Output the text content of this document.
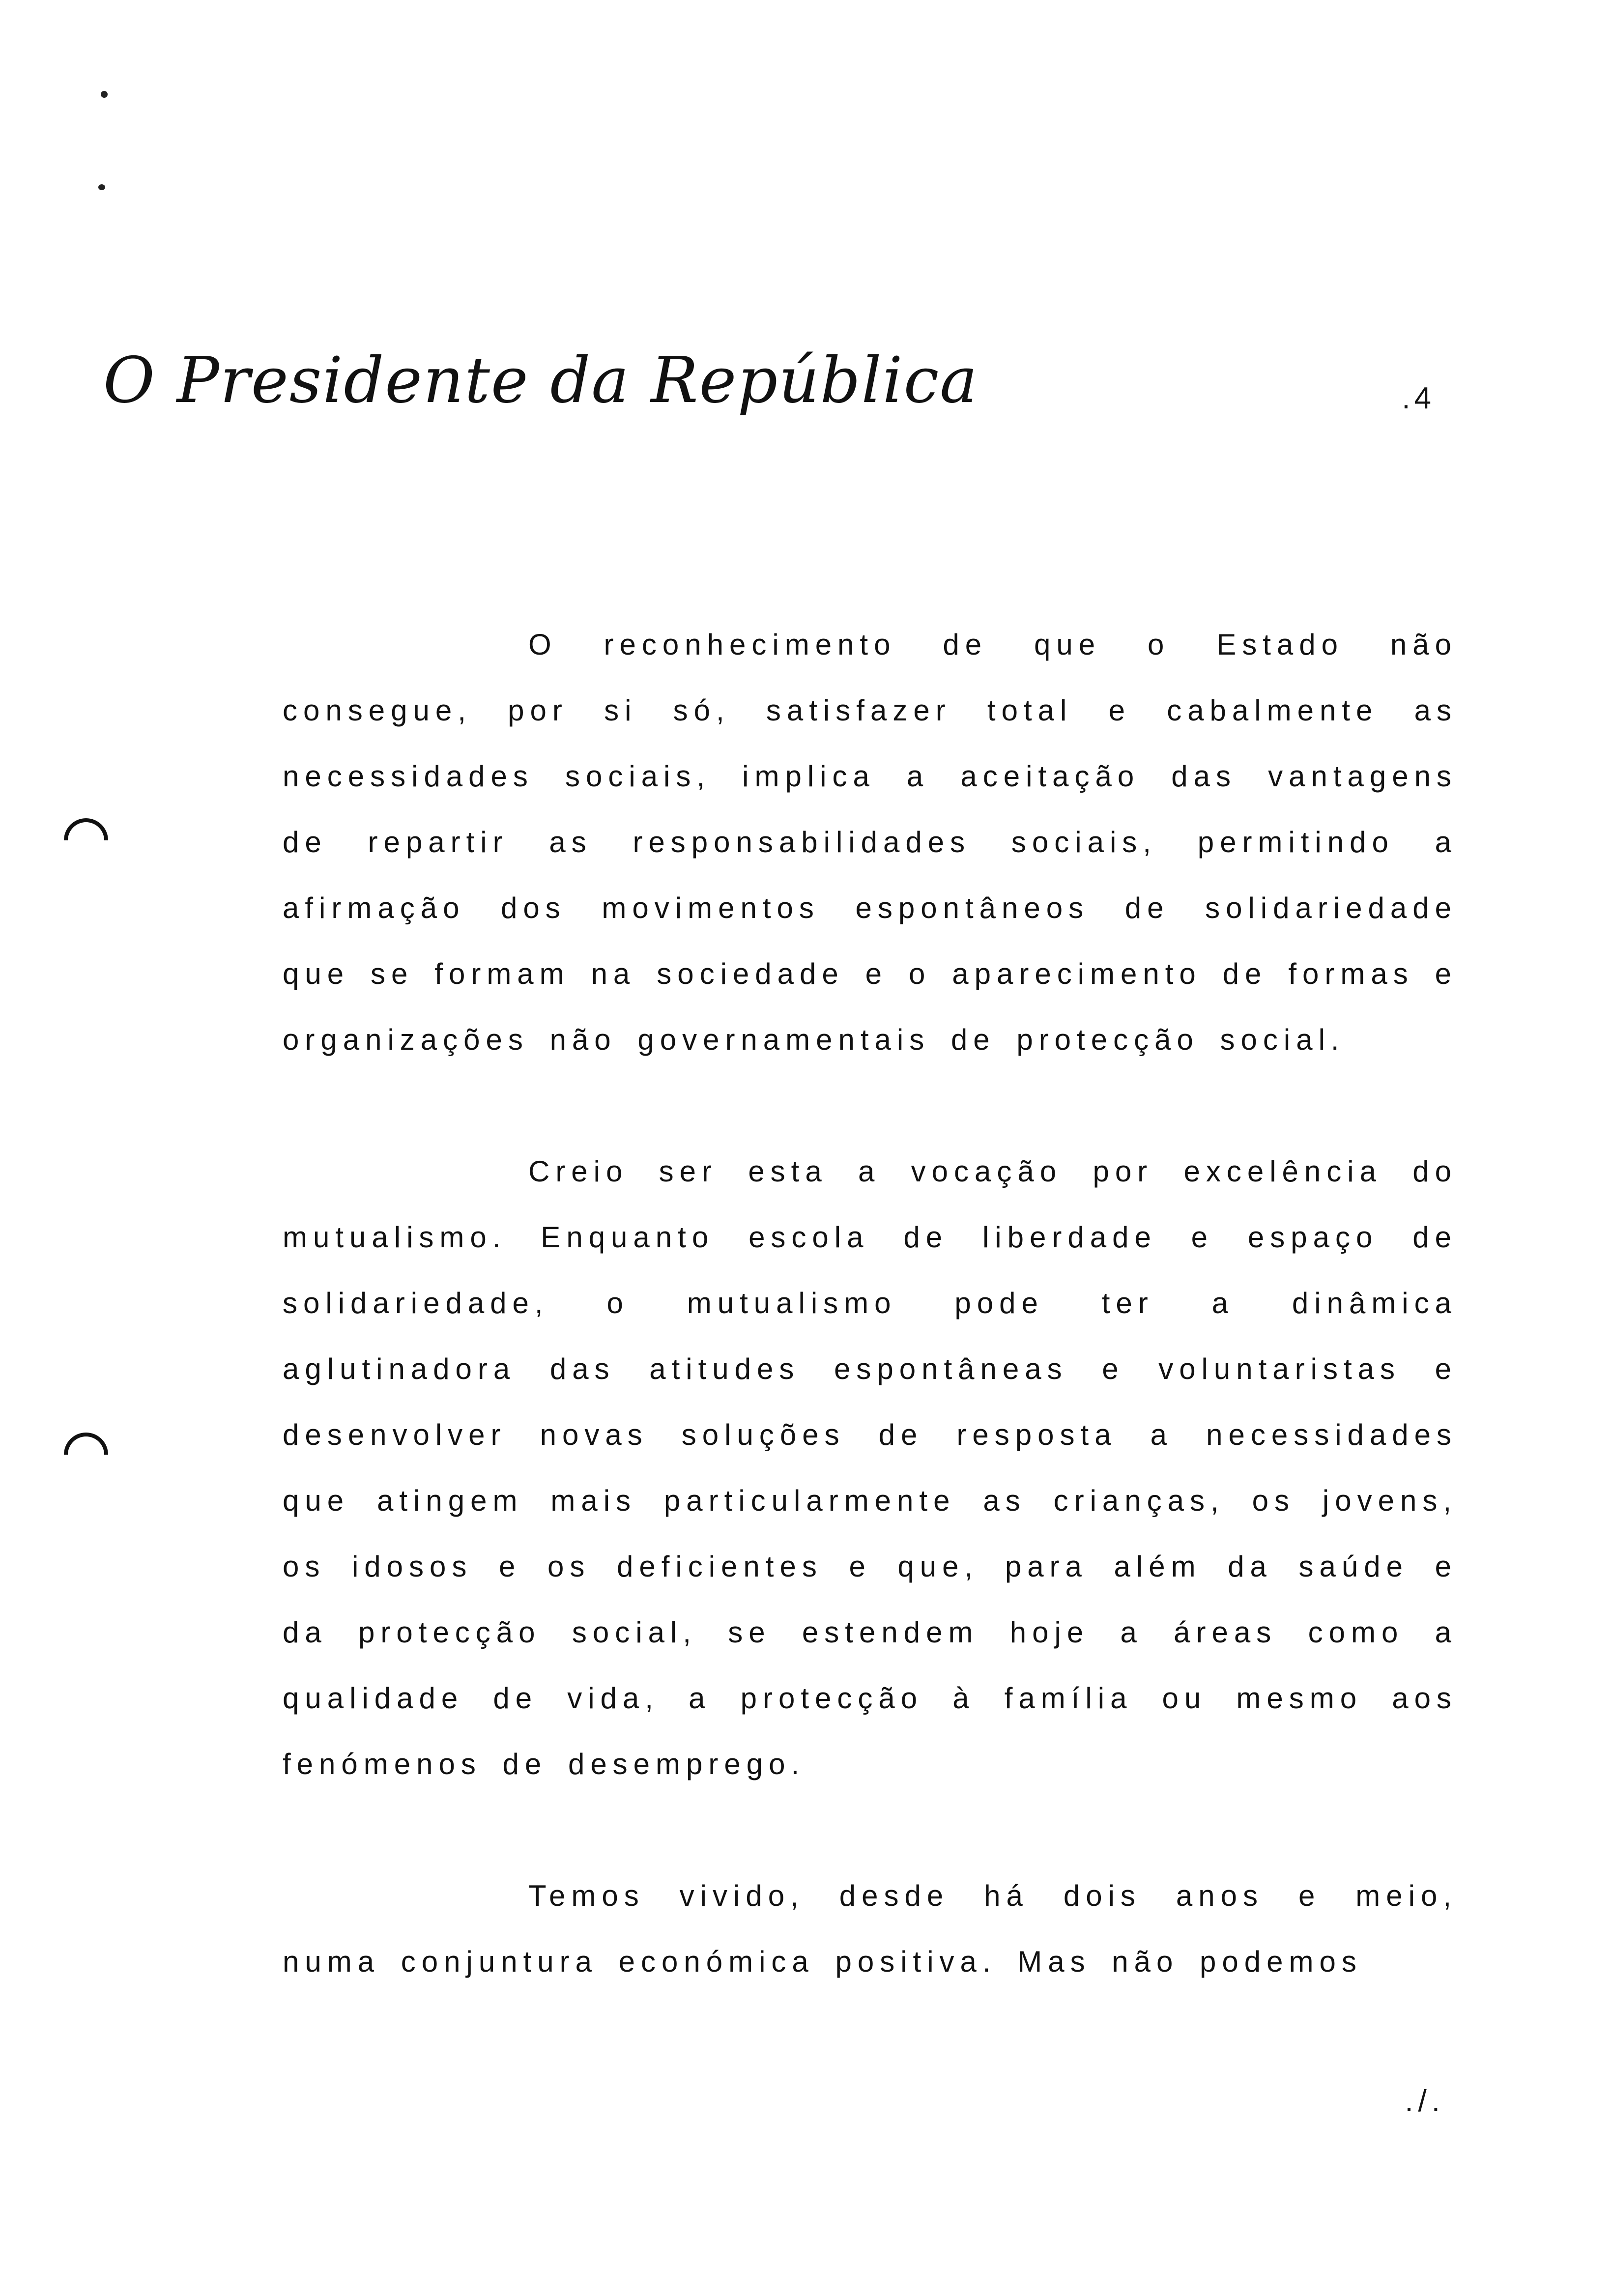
O Presidente da República	.4

O reconhecimento de que o Estado não consegue, por si só, satisfazer total e cabalmente as necessidades sociais, implica a aceitação das vantagens de repartir as responsabilidades sociais, permitindo a afirmação dos movimentos espontâneos de solidariedade que se formam na sociedade e o aparecimento de formas e organizações não governamentais de protecção social.

Creio ser esta a vocação por excelência do mutualismo. Enquanto escola de liberdade e espaço de solidariedade, o mutualismo pode ter a dinâmica aglutinadora das atitudes espontâneas e voluntaristas e desenvolver novas soluções de resposta a necessidades que atingem mais particularmente as crianças, os jovens, os idosos e os deficientes e que, para além da saúde e da protecção social, se estendem hoje a áreas como a qualidade de vida, a protecção à família ou mesmo aos fenómenos de desemprego.

Temos vivido, desde há dois anos e meio, numa conjuntura económica positiva. Mas não podemos

./.
